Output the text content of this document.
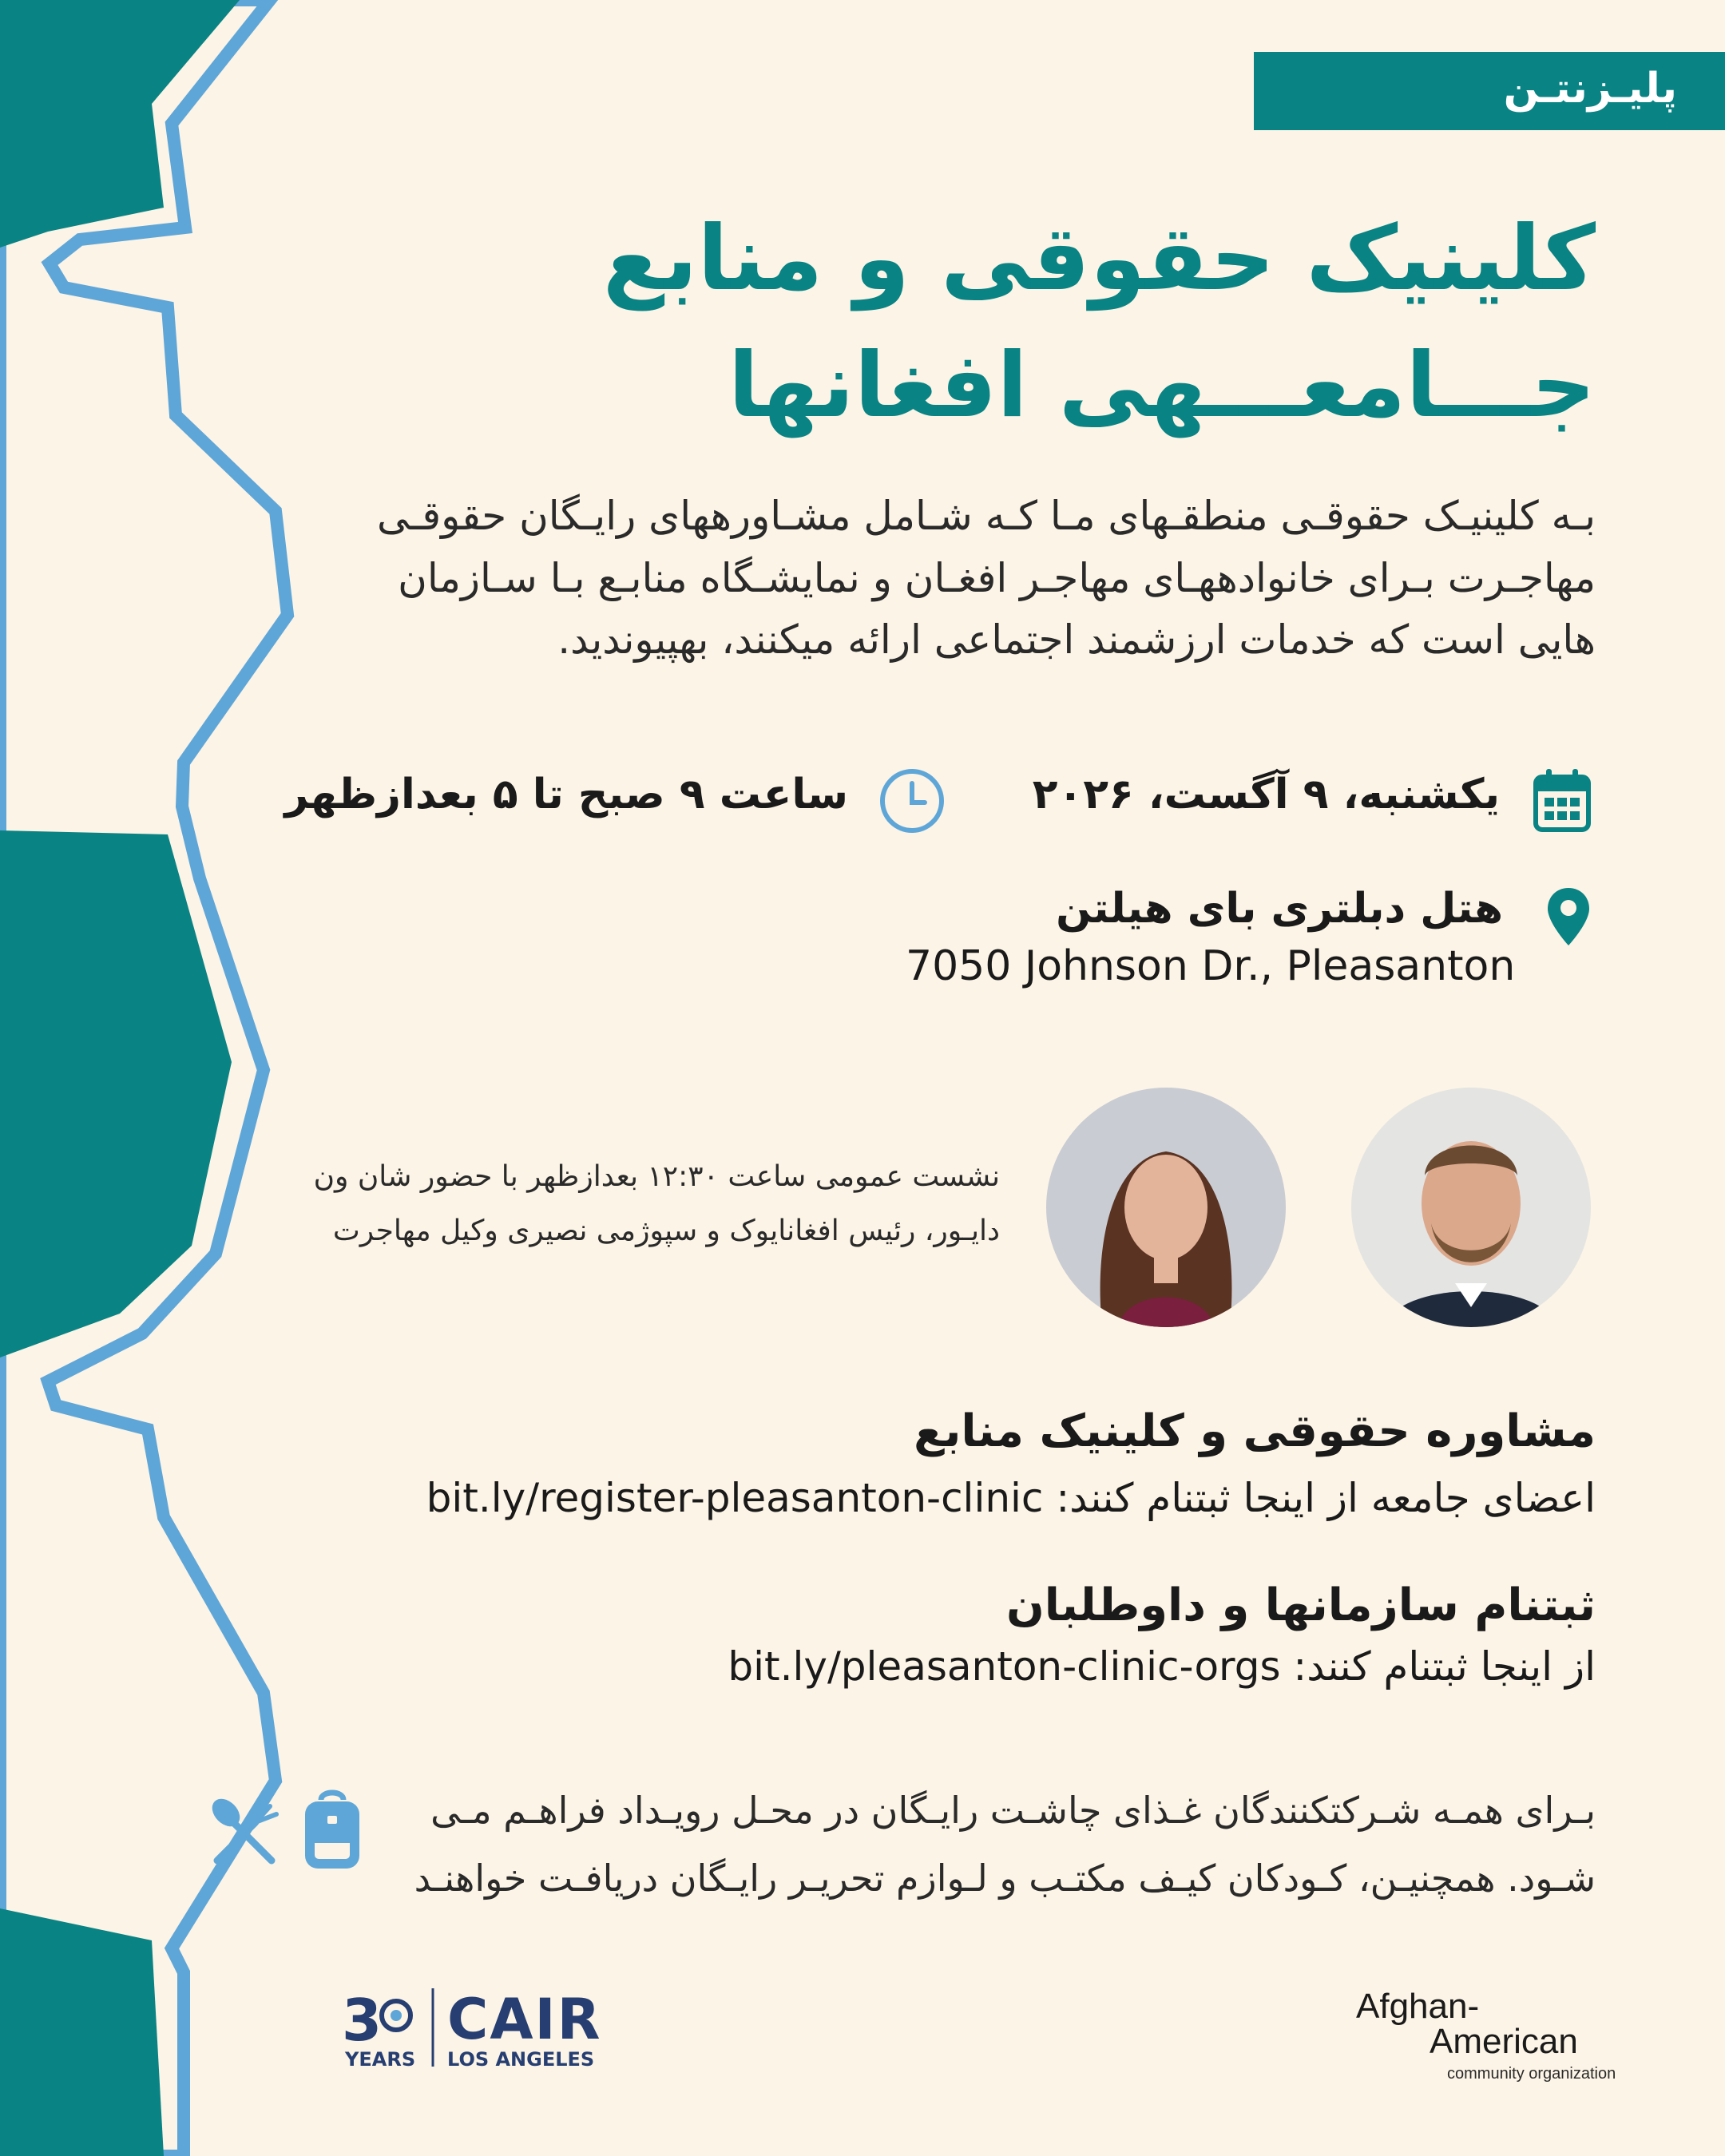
پلیـزنتـن
کلینیک حقوقی و منابع
جـــامعـــهی افغانها
بـه کلینیـک حقوقـی منطقـهای مـا کـه شـامل مشـاورههای رایـگان حقوقـی
مهاجـرت بـرای خانوادههـای مهاجـر افغـان و نمایشـگاه منابـع بـا سـازمان
هایی است که خدمات ارزشمند اجتماعی ارائه میکنند، بهپیوندید.
یکشنبه، ۹ آگست، ۲۰۲۶
ساعت ۹ صبح تا ۵ بعدازظهر
هتل دبلتری بای هیلتن
7050 Johnson Dr., Pleasanton
نشست عمومی ساعت ۱۲:۳۰ بعدازظهر با حضور شان ون
دایـور، رئیس افغانایوک و سپوژمی نصیری وکیل مهاجرت
مشاوره حقوقی و کلینیک منابع
اعضای جامعه از اینجا ثبتنام کنند: bit.ly/register-pleasanton-clinic
ثبتنام سازمانها و داوطلبان
از اینجا ثبتنام کنند: bit.ly/pleasanton-clinic-orgs
بـرای همـه شـرکتکنندگان غـذای چاشـت رایـگان در محـل رویـداد فراهـم مـی
شـود. همچنیـن، کـودکان کیـف مکتـب و لـوازم تحریـر رایـگان دریافـت خواهنـد
3 CAIR
YEARS LOS ANGELES
Afghan-
American
community organization
